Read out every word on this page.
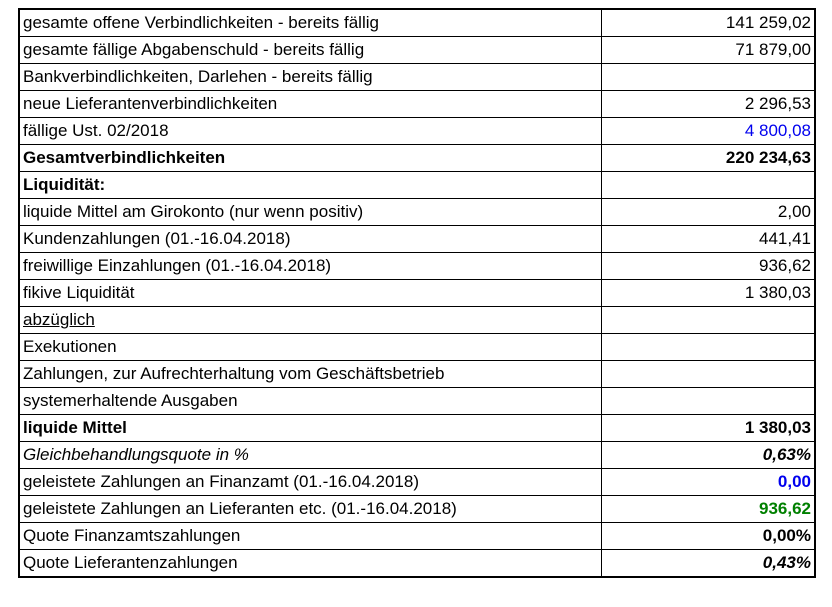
gesamte offene Verbindlichkeiten - bereits fällig	141 259,02
gesamte fällige Abgabenschuld - bereits fällig	71 879,00
Bankverbindlichkeiten, Darlehen - bereits fällig	
neue Lieferantenverbindlichkeiten	2 296,53
fällige Ust. 02/2018	4 800,08
Gesamtverbindlichkeiten	220 234,63
Liquidität:	
liquide Mittel am Girokonto (nur wenn positiv)	2,00
Kundenzahlungen (01.-16.04.2018)	441,41
freiwillige Einzahlungen (01.-16.04.2018)	936,62
fikive Liquidität	1 380,03
abzüglich	
Exekutionen	
Zahlungen, zur Aufrechterhaltung vom Geschäftsbetrieb	
systemerhaltende Ausgaben	
liquide Mittel	1 380,03
Gleichbehandlungsquote in %	0,63%
geleistete Zahlungen an Finanzamt (01.-16.04.2018)	0,00
geleistete Zahlungen an Lieferanten etc. (01.-16.04.2018)	936,62
Quote Finanzamtszahlungen	0,00%
Quote Lieferantenzahlungen	0,43%
